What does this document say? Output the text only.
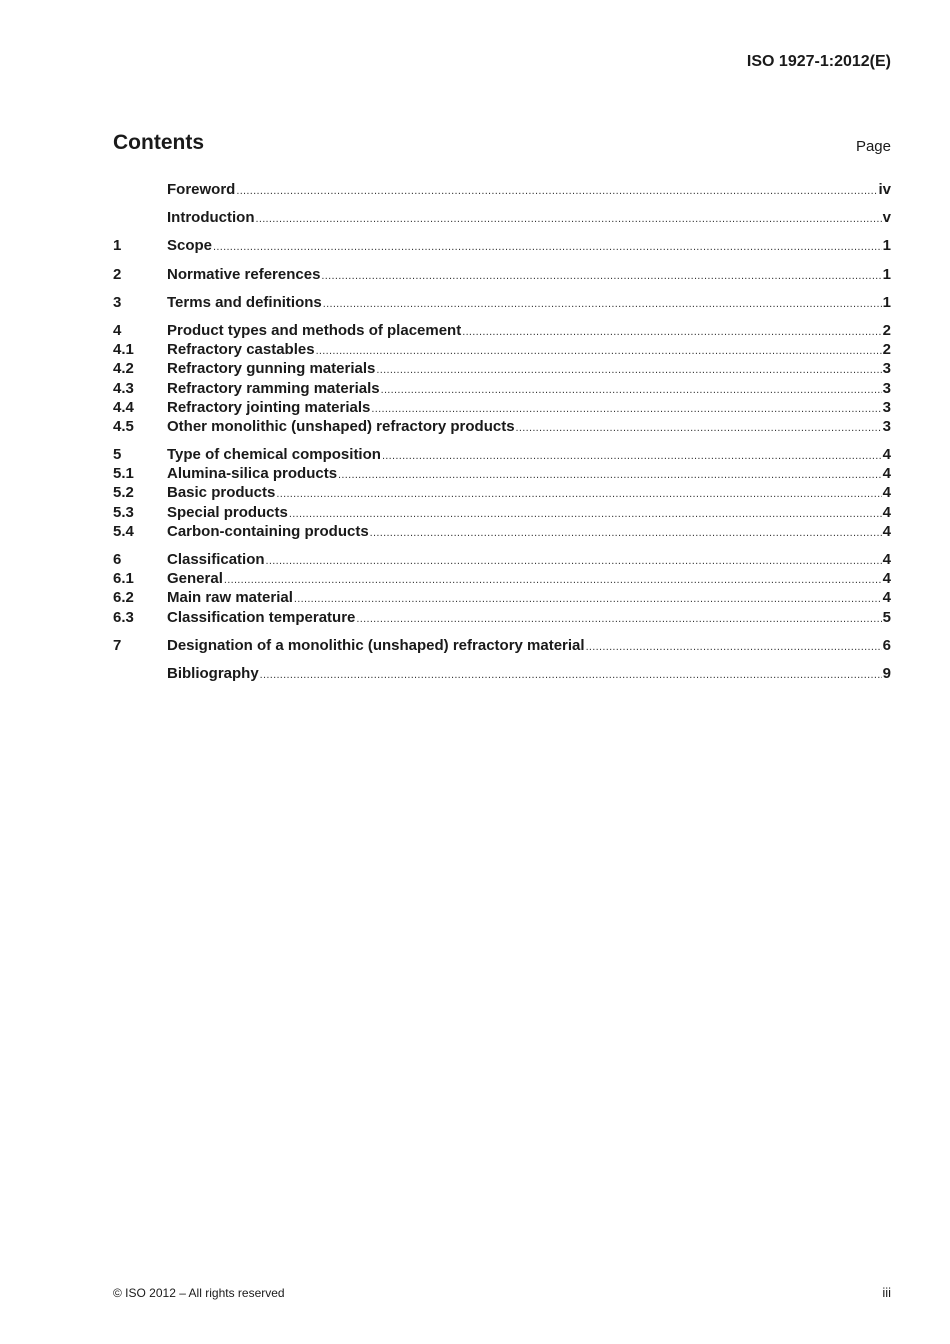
ISO 1927-1:2012(E)
Contents	Page
Foreword .....	iv
Introduction .....	v
1	Scope .....	1
2	Normative references .....	1
3	Terms and definitions .....	1
4	Product types and methods of placement .....	2
4.1	Refractory castables .....	2
4.2	Refractory gunning materials .....	3
4.3	Refractory ramming materials .....	3
4.4	Refractory jointing materials .....	3
4.5	Other monolithic (unshaped) refractory products .....	3
5	Type of chemical composition .....	4
5.1	Alumina-silica products .....	4
5.2	Basic products .....	4
5.3	Special products .....	4
5.4	Carbon-containing products .....	4
6	Classification .....	4
6.1	General .....	4
6.2	Main raw material .....	4
6.3	Classification temperature .....	5
7	Designation of a monolithic (unshaped) refractory material .....	6
Bibliography .....	9
© ISO 2012 – All rights reserved	iii
